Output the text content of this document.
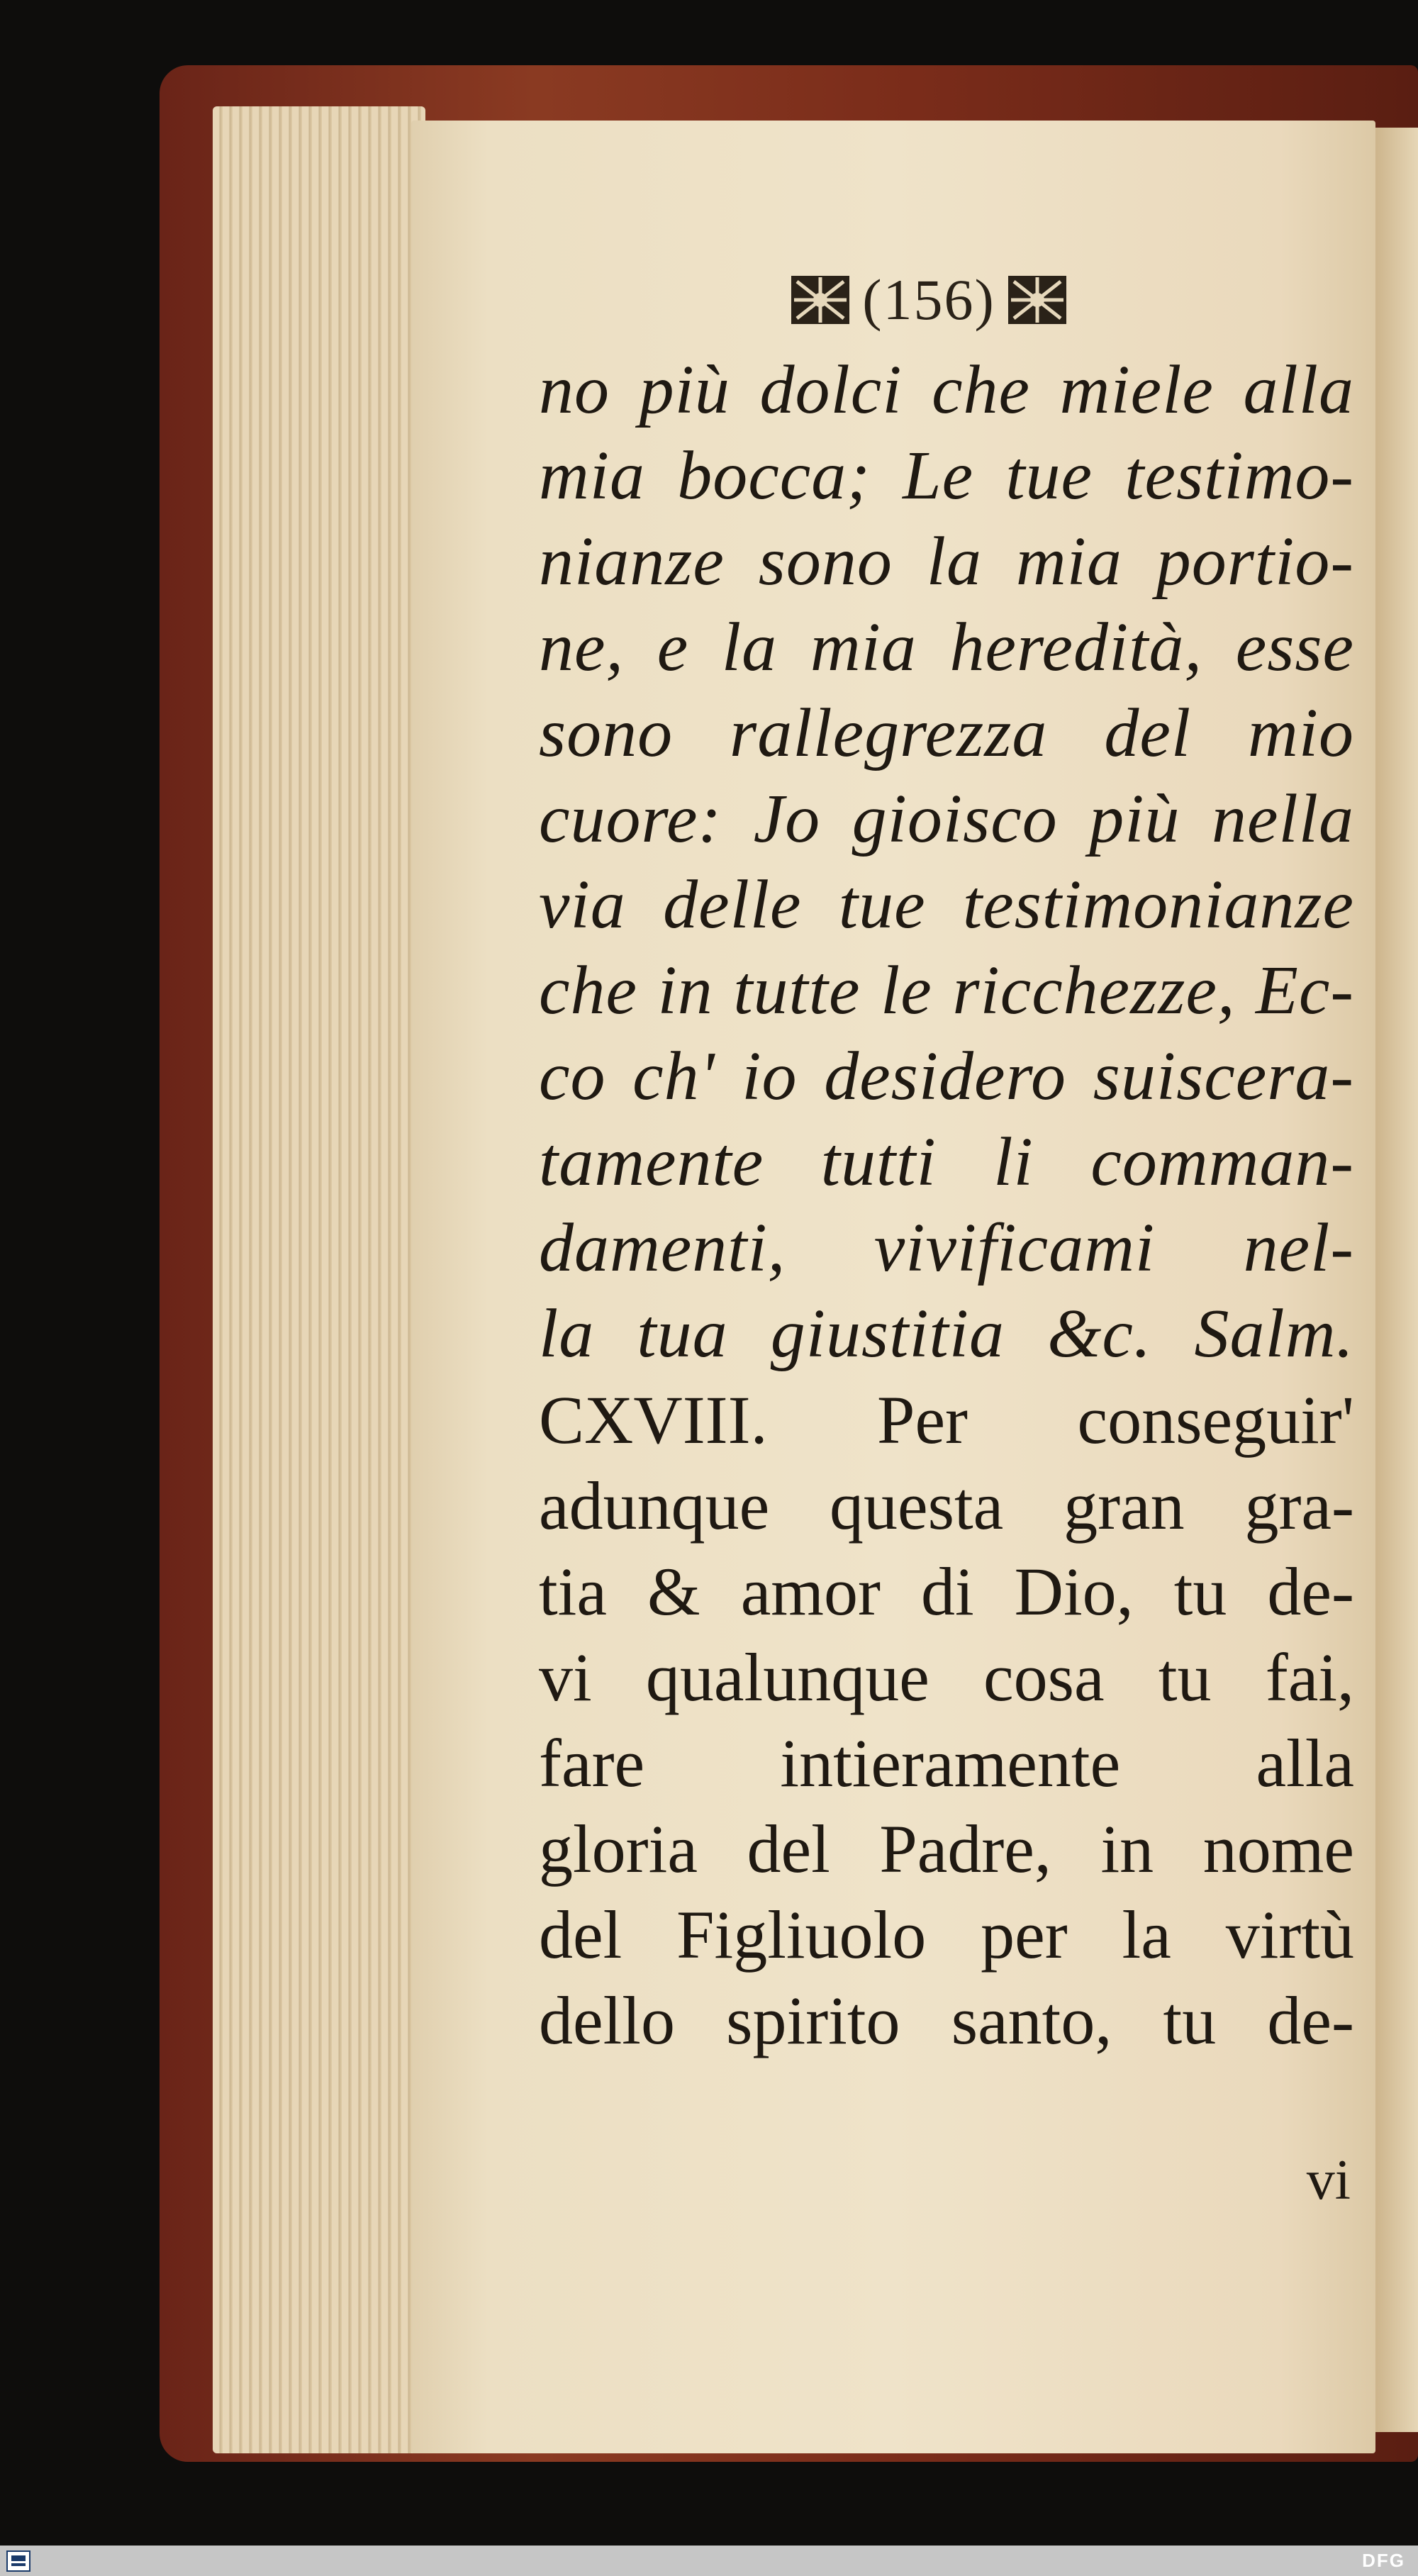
(156)
no più dolci che miele alla
mia bocca; Le tue testimo-
nianze sono la mia portio-
ne, e la mia heredità, esse
sono rallegrezza del mio
cuore: Jo gioisco più nella
via delle tue testimonianze
che in tutte le ricchezze, Ec-
co ch' io desidero suiscera-
tamente tutti li comman-
damenti, vivificami nel-
la tua giustitia &c. Salm.
CXVIII. Per conseguir'
adunque questa gran gra-
tia & amor di Dio, tu de-
vi qualunque cosa tu fai,
fare intieramente alla
gloria del Padre, in nome
del Figliuolo per la virtù
dello spirito santo, tu de-
vi
DFG
